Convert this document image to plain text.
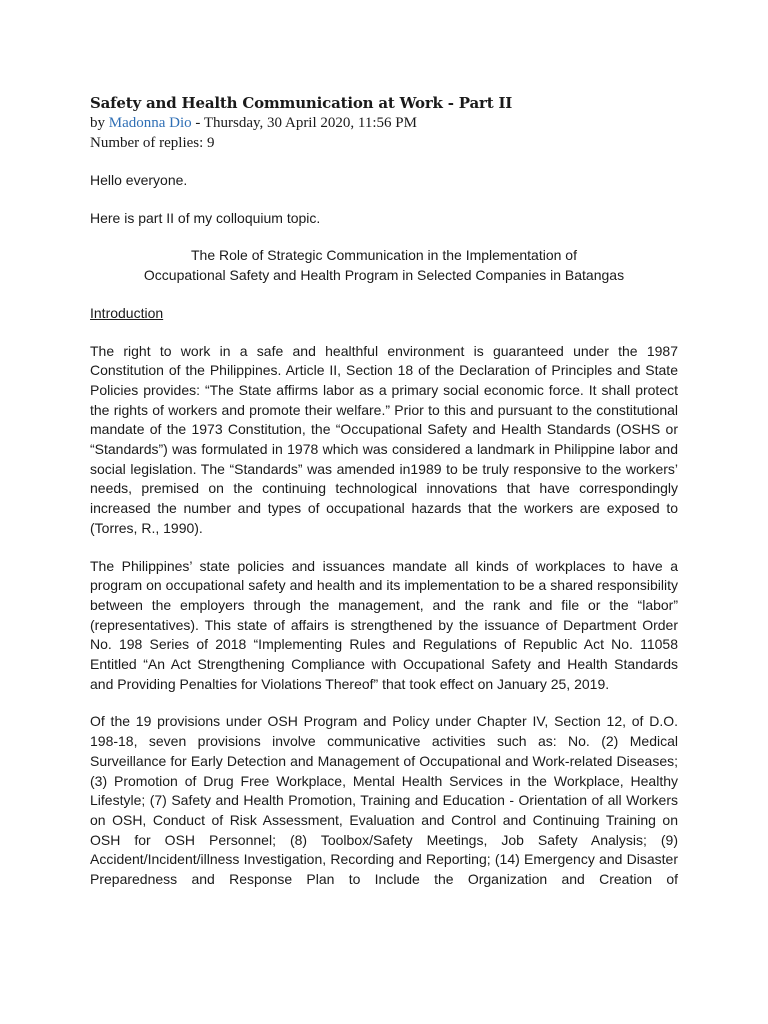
Safety and Health Communication at Work - Part II

by Madonna Dio - Thursday, 30 April 2020, 11:56 PM

Number of replies: 9

Hello everyone.

Here is part II of my colloquium topic.

The Role of Strategic Communication in the Implementation of
Occupational Safety and Health Program in Selected Companies in Batangas

Introduction

The right to work in a safe and healthful environment is guaranteed under the 1987 Constitution of the Philippines. Article II, Section 18 of the Declaration of Principles and State Policies provides: “The State affirms labor as a primary social economic force. It shall protect the rights of workers and promote their welfare.” Prior to this and pursuant to the constitutional mandate of the 1973 Constitution, the “Occupational Safety and Health Standards (OSHS or “Standards”) was formulated in 1978 which was considered a landmark in Philippine labor and social legislation. The “Standards” was amended in1989 to be truly responsive to the workers’ needs, premised on the continuing technological innovations that have correspondingly increased the number and types of occupational hazards that the workers are exposed to (Torres, R., 1990).

The Philippines’ state policies and issuances mandate all kinds of workplaces to have a program on occupational safety and health and its implementation to be a shared responsibility between the employers through the management, and the rank and file or the “labor” (representatives). This state of affairs is strengthened by the issuance of Department Order No. 198 Series of 2018 “Implementing Rules and Regulations of Republic Act No. 11058 Entitled “An Act Strengthening Compliance with Occupational Safety and Health Standards and Providing Penalties for Violations Thereof” that took effect on January 25, 2019.

Of the 19 provisions under OSH Program and Policy under Chapter IV, Section 12, of D.O. 198-18, seven provisions involve communicative activities such as: No. (2) Medical Surveillance for Early Detection and Management of Occupational and Work-related Diseases; (3) Promotion of Drug Free Workplace, Mental Health Services in the Workplace, Healthy Lifestyle; (7) Safety and Health Promotion, Training and Education - Orientation of all Workers on OSH, Conduct of Risk Assessment, Evaluation and Control and Continuing Training on OSH for OSH Personnel; (8) Toolbox/Safety Meetings, Job Safety Analysis; (9) Accident/Incident/illness Investigation, Recording and Reporting; (14) Emergency and Disaster Preparedness and Response Plan to Include the Organization and Creation of
